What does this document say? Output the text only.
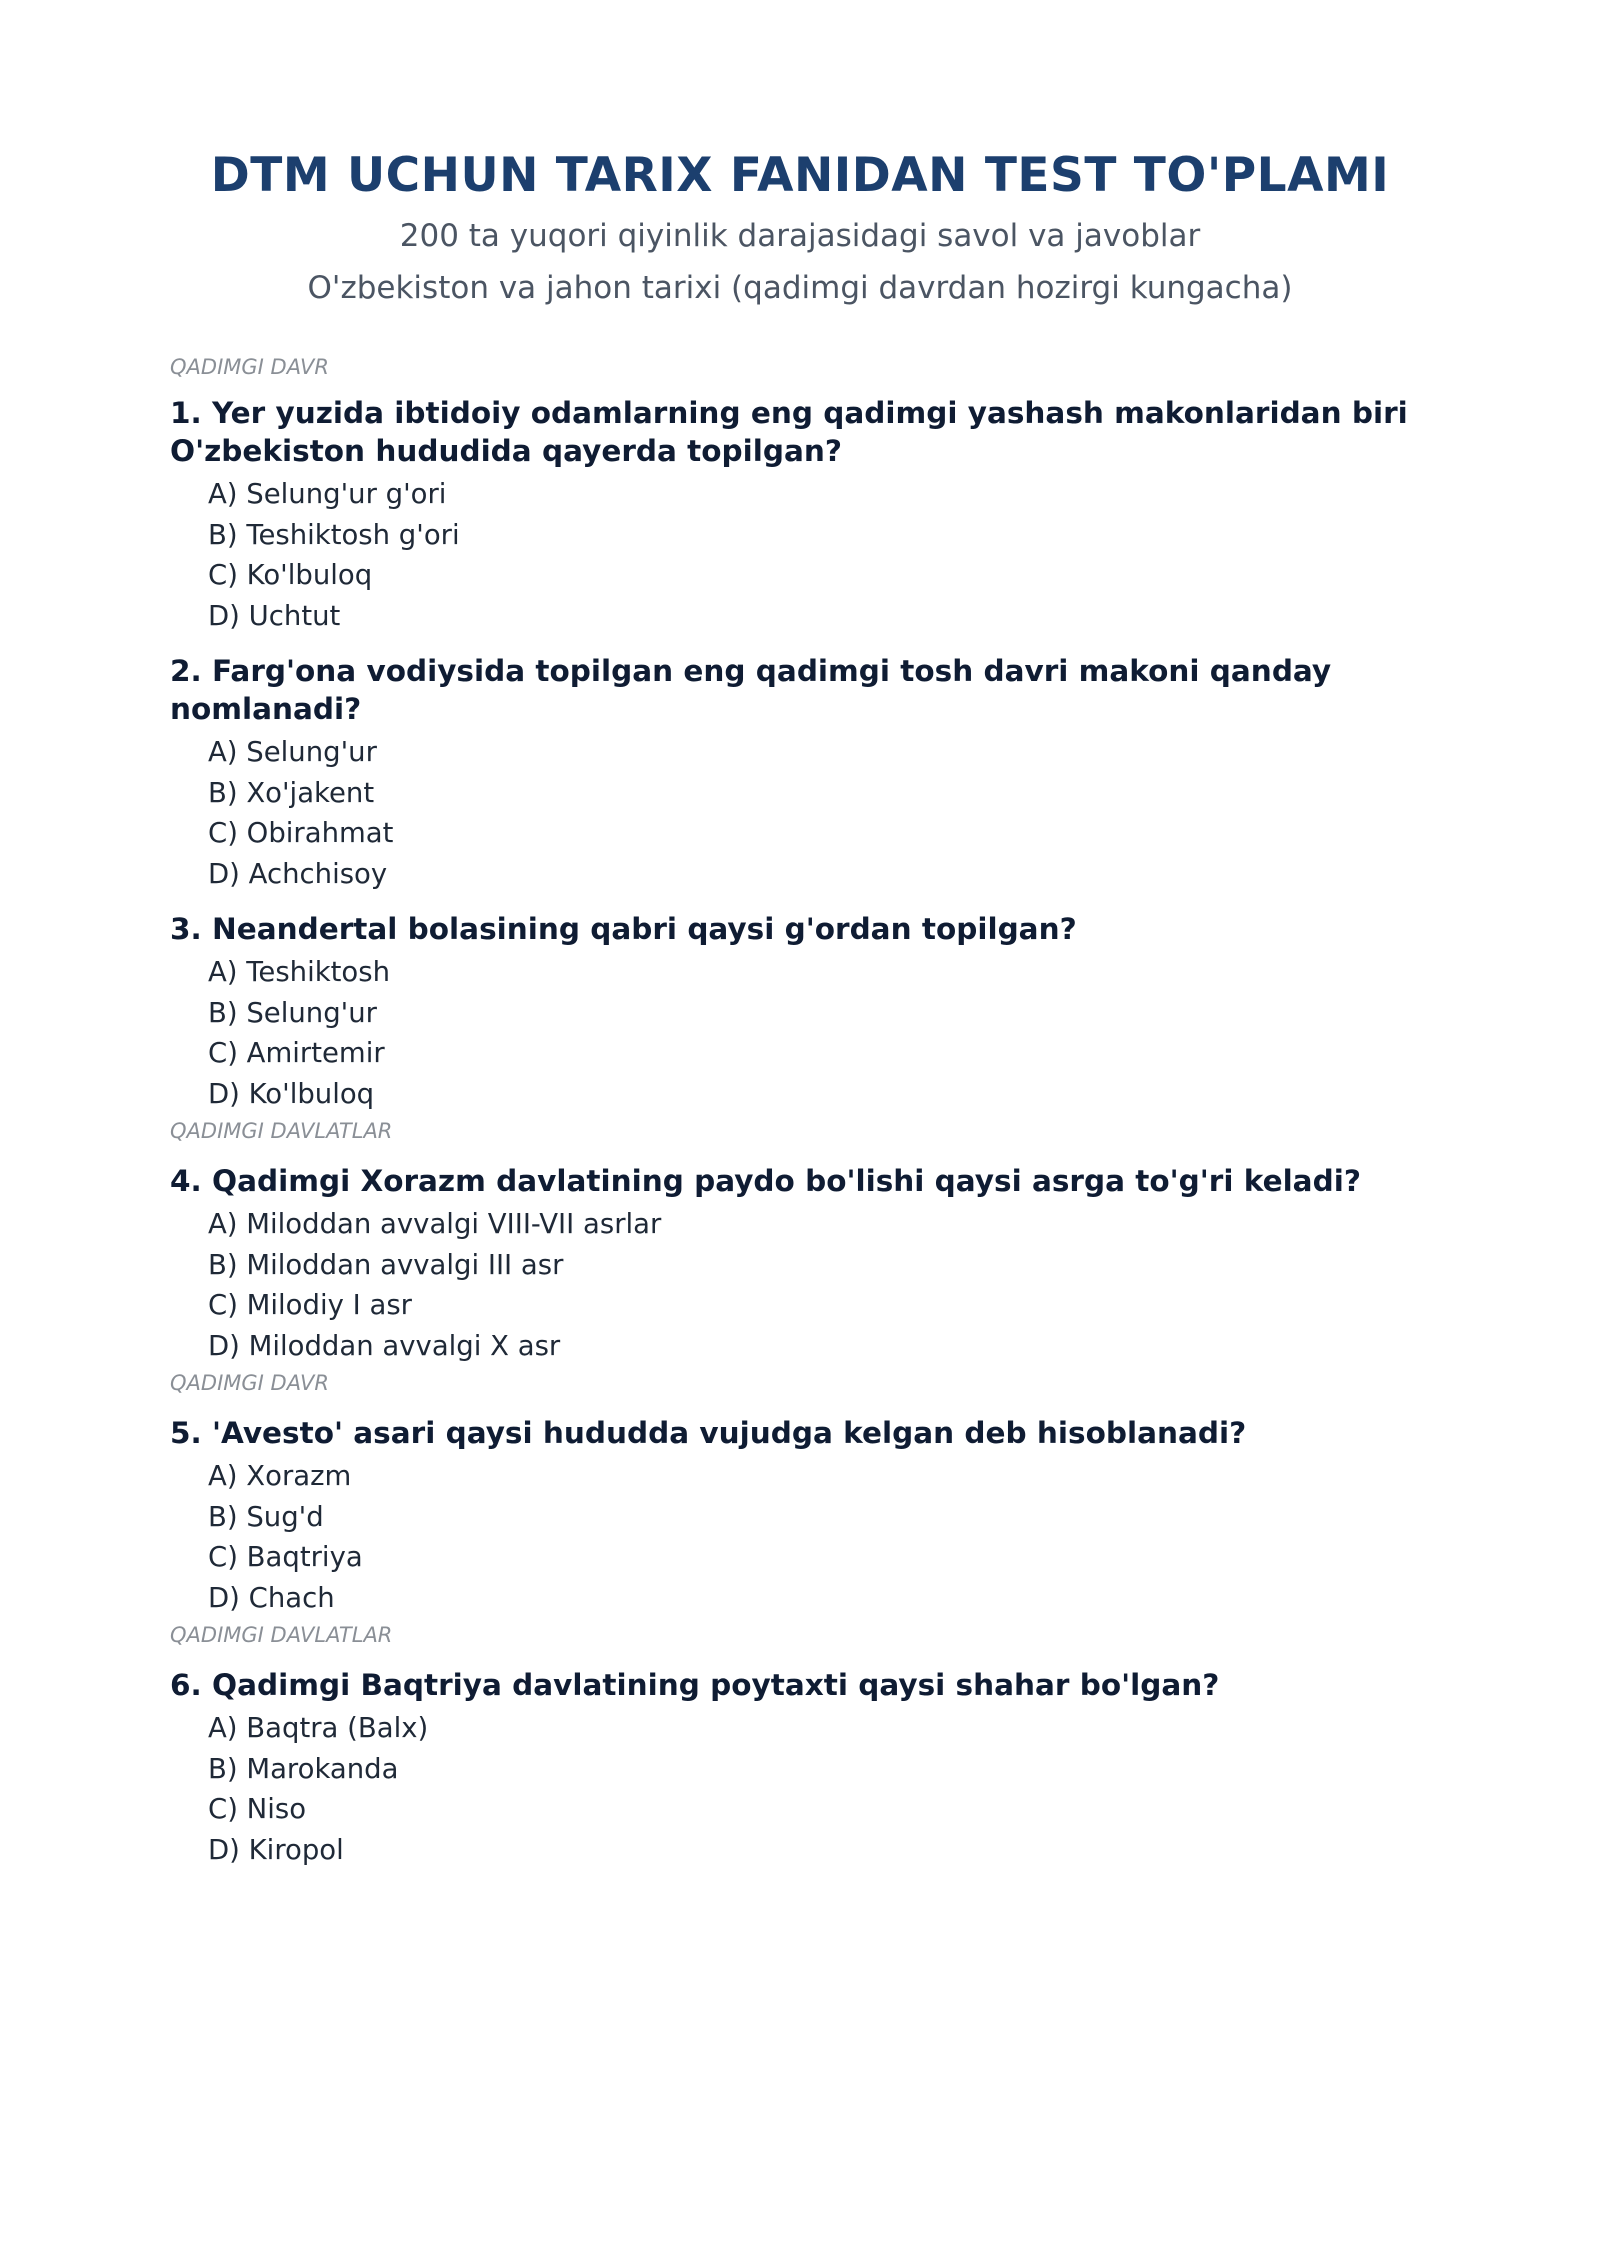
DTM UCHUN TARIX FANIDAN TEST TO'PLAMI

200 ta yuqori qiyinlik darajasidagi savol va javoblar

O'zbekiston va jahon tarixi (qadimgi davrdan hozirgi kungacha)

QADIMGI DAVR

1. Yer yuzida ibtidoiy odamlarning eng qadimgi yashash makonlaridan biri O'zbekiston hududida qayerda topilgan?

A) Selung'ur g'ori
B) Teshiktosh g'ori
C) Ko'lbuloq
D) Uchtut

2. Farg'ona vodiysida topilgan eng qadimgi tosh davri makoni qanday nomlanadi?

A) Selung'ur
B) Xo'jakent
C) Obirahmat
D) Achchisoy

3. Neandertal bolasining qabri qaysi g'ordan topilgan?

A) Teshiktosh
B) Selung'ur
C) Amirtemir
D) Ko'lbuloq

QADIMGI DAVLATLAR

4. Qadimgi Xorazm davlatining paydo bo'lishi qaysi asrga to'g'ri keladi?

A) Miloddan avvalgi VIII-VII asrlar
B) Miloddan avvalgi III asr
C) Milodiy I asr
D) Miloddan avvalgi X asr

QADIMGI DAVR

5. 'Avesto' asari qaysi hududda vujudga kelgan deb hisoblanadi?

A) Xorazm
B) Sug'd
C) Baqtriya
D) Chach

QADIMGI DAVLATLAR

6. Qadimgi Baqtriya davlatining poytaxti qaysi shahar bo'lgan?

A) Baqtra (Balx)
B) Marokanda
C) Niso
D) Kiropol
